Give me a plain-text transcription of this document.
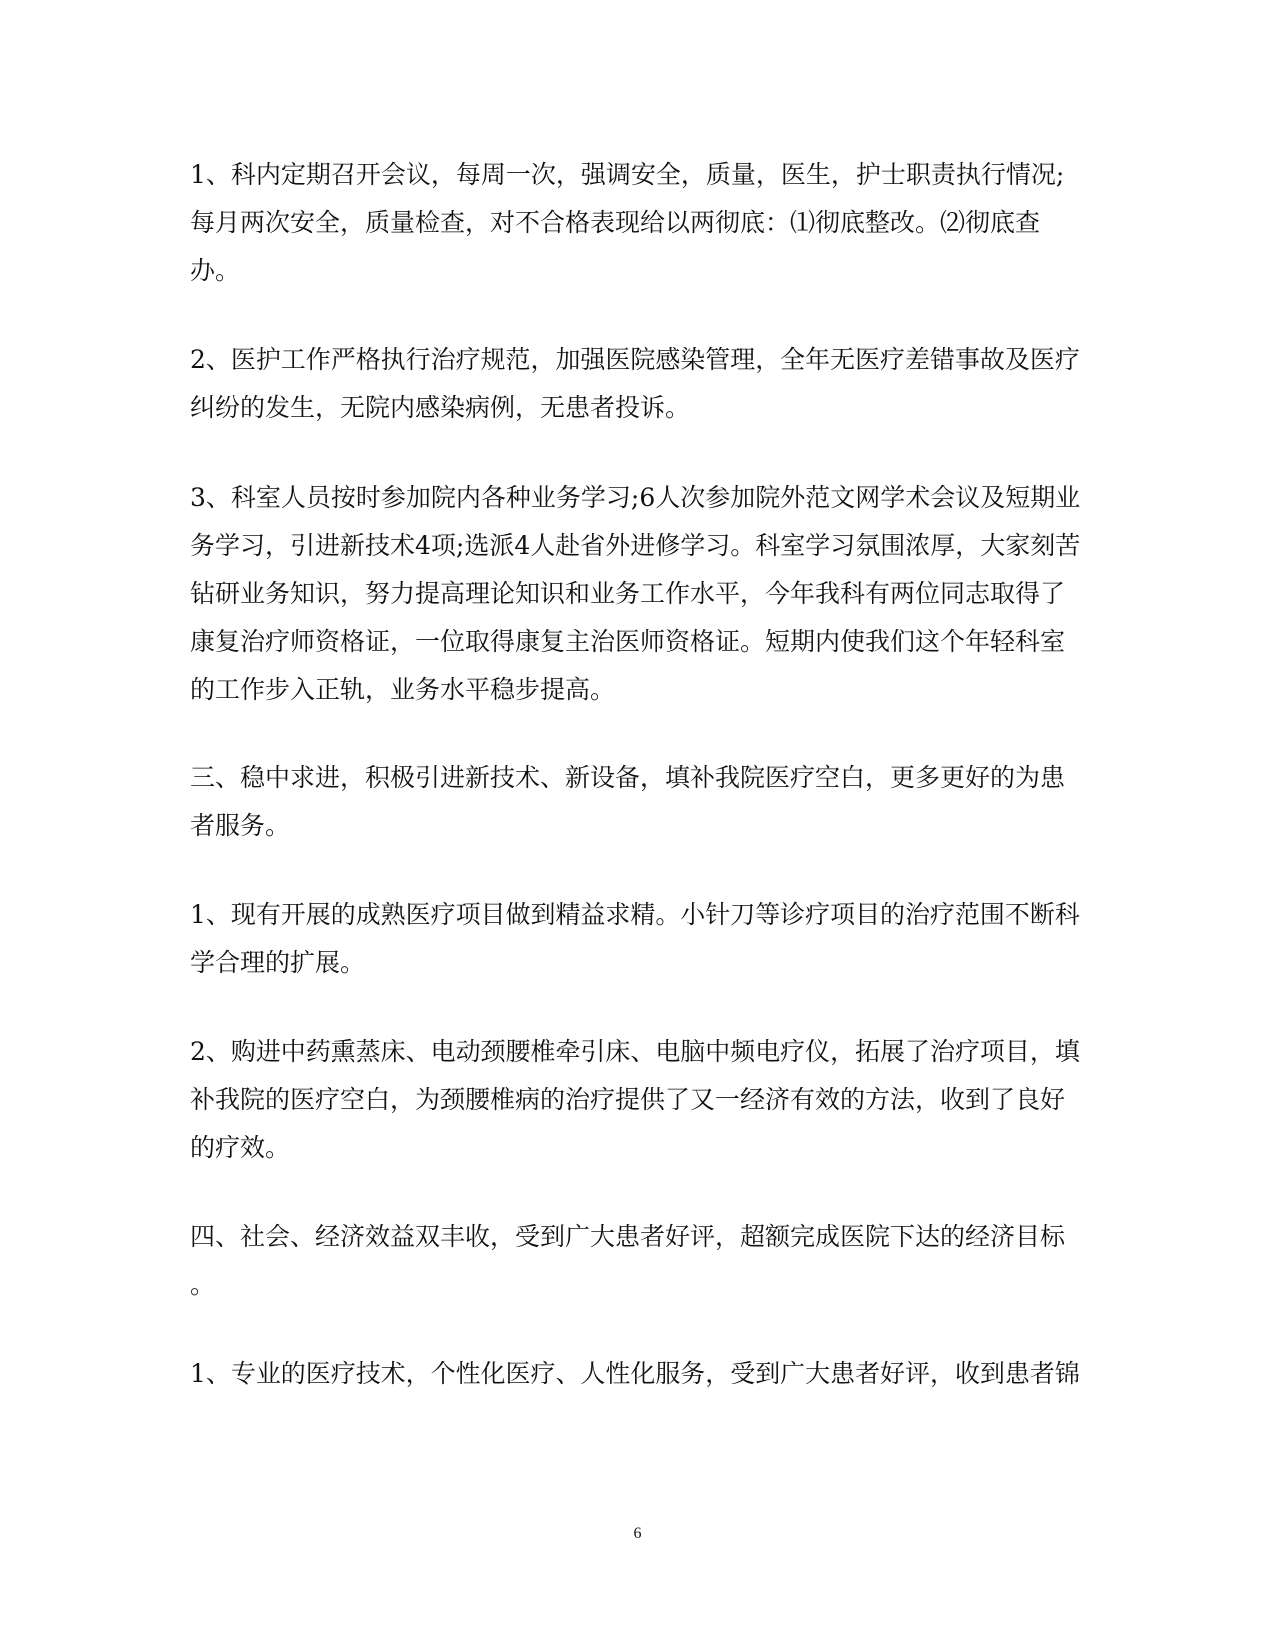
1、科内定期召开会议，每周一次，强调安全，质量，医生，护士职责执行情况;
每月两次安全，质量检查，对不合格表现给以两彻底：⑴彻底整改。⑵彻底查
办。
2、医护工作严格执行治疗规范，加强医院感染管理，全年无医疗差错事故及医疗
纠纷的发生，无院内感染病例，无患者投诉。
3、科室人员按时参加院内各种业务学习;6人次参加院外范文网学术会议及短期业
务学习，引进新技术4项;选派4人赴省外进修学习。科室学习氛围浓厚，大家刻苦
钻研业务知识，努力提高理论知识和业务工作水平，今年我科有两位同志取得了
康复治疗师资格证，一位取得康复主治医师资格证。短期内使我们这个年轻科室
的工作步入正轨，业务水平稳步提高。
三、稳中求进，积极引进新技术、新设备，填补我院医疗空白，更多更好的为患
者服务。
1、现有开展的成熟医疗项目做到精益求精。小针刀等诊疗项目的治疗范围不断科
学合理的扩展。
2、购进中药熏蒸床、电动颈腰椎牵引床、电脑中频电疗仪，拓展了治疗项目，填
补我院的医疗空白，为颈腰椎病的治疗提供了又一经济有效的方法，收到了良好
的疗效。
四、社会、经济效益双丰收，受到广大患者好评，超额完成医院下达的经济目标
。
1、专业的医疗技术，个性化医疗、人性化服务，受到广大患者好评，收到患者锦
6
